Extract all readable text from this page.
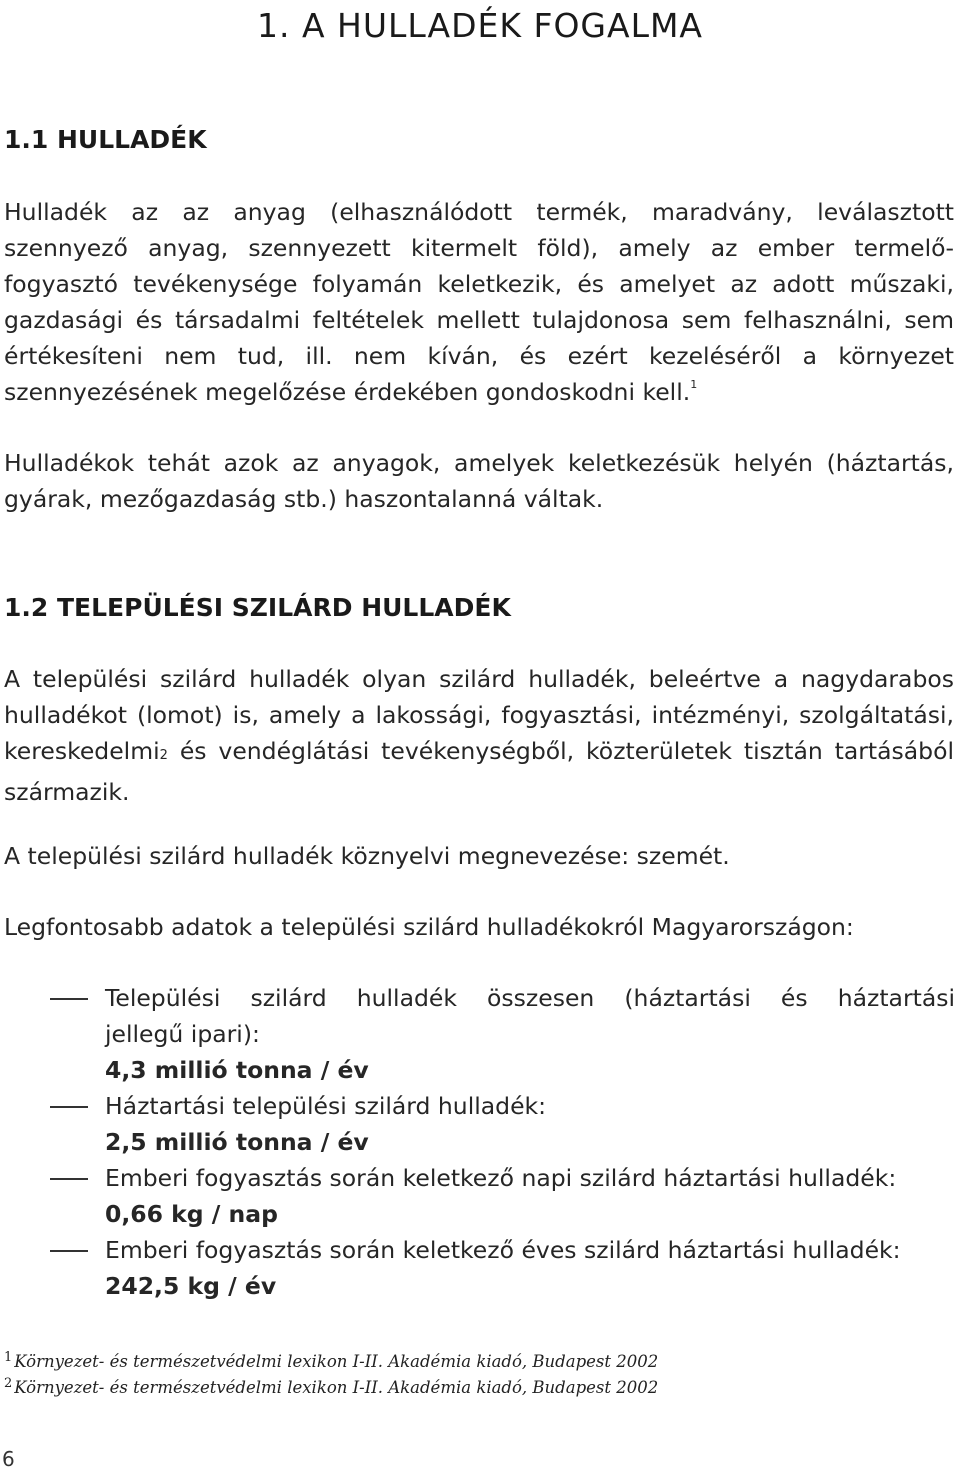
1. A HULLADÉK FOGALMA
1.1 HULLADÉK

Hulladék az az anyag (elhasználódott termék, maradvány, leválasztott szennyező anyag, szennyezett kitermelt föld), amely az ember termelő-fogyasztó tevékenysége folyamán keletkezik, és amelyet az adott műszaki, gazdasági és társadalmi feltételek mellett tulajdonosa sem felhasználni, sem értékesíteni nem tud, ill. nem kíván, és ezért kezeléséről a környezet szennyezésének megelőzése érdekében gondoskodni kell.$^1$

Hulladékok tehát azok az anyagok, amelyek keletkezésük helyén (háztartás, gyárak, mezőgazdaság stb.) haszontalanná váltak.

1.2 TELEPÜLÉSI SZILÁRD HULLADÉK

A települési szilárd hulladék olyan szilárd hulladék, beleértve a nagydarabos hulladékot (lomot) is, amely a lakossági, fogyasztási, intézményi, szolgáltatási, kereskedelmi2 és vendéglátási tevékenységből, közterületek tisztán tartásából származik.

A települési szilárd hulladék köznyelvi megnevezése: szemét.

Legfontosabb adatok a települési szilárd hulladékokról Magyarországon:

Települési szilárd hulladék összesen (háztartási és háztartási
jellegű ipari):
4,3 millió tonna / év
Háztartási települési szilárd hulladék:
2,5 millió tonna / év
Emberi fogyasztás során keletkező napi szilárd háztartási hulladék:
0,66 kg / nap
Emberi fogyasztás során keletkező éves szilárd háztartási hulladék:
242,5 kg / év
$^1$ Környezet- és természetvédelmi lexikon I-II. Akadémia kiadó, Budapest 2002
$^2$ Környezet- és természetvédelmi lexikon I-II. Akadémia kiadó, Budapest 2002
6
